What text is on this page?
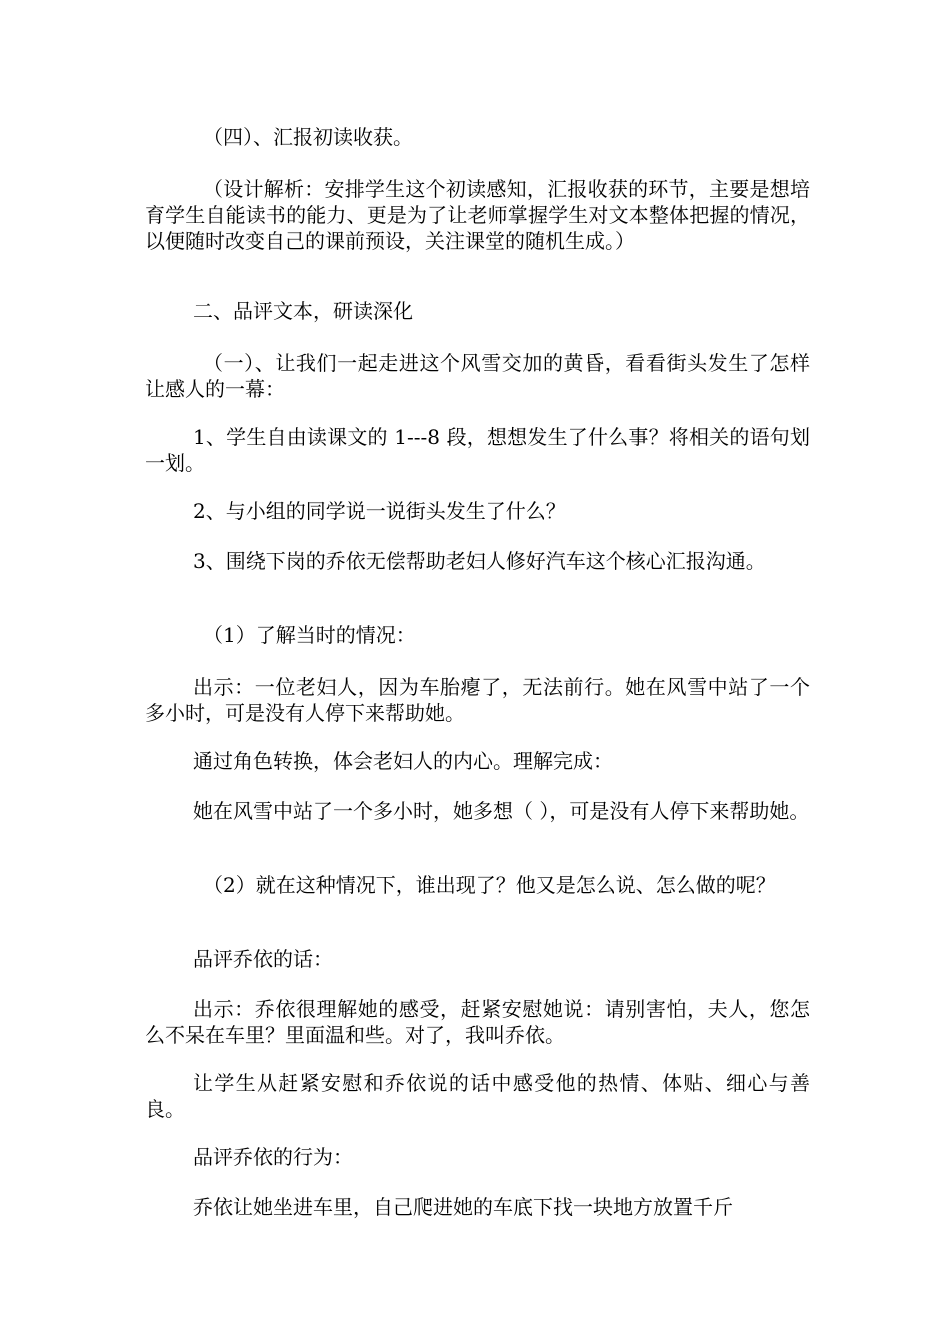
（四）、汇报初读收获。

（设计解析：安排学生这个初读感知，汇报收获的环节，主要是想培育学生自能读书的能力、更是为了让老师掌握学生对文本整体把握的情况，以便随时改变自己的课前预设，关注课堂的随机生成。）

二、品评文本，研读深化

（一）、让我们一起走进这个风雪交加的黄昏，看看街头发生了怎样让感人的一幕：

1、学生自由读课文的 1---8 段，想想发生了什么事？将相关的语句划一划。

2、与小组的同学说一说街头发生了什么？

3、围绕下岗的乔依无偿帮助老妇人修好汽车这个核心汇报沟通。

（1）了解当时的情况：

出示：一位老妇人，因为车胎瘪了，无法前行。她在风雪中站了一个多小时，可是没有人停下来帮助她。

通过角色转换，体会老妇人的内心。理解完成：

她在风雪中站了一个多小时，她多想（ ），可是没有人停下来帮助她。

（2）就在这种情况下，谁出现了？他又是怎么说、怎么做的呢？

品评乔依的话：

出示：乔依很理解她的感受，赶紧安慰她说：请别害怕，夫人，您怎么不呆在车里？里面温和些。对了，我叫乔依。

让学生从赶紧安慰和乔依说的话中感受他的热情、体贴、细心与善良。

品评乔依的行为：

乔依让她坐进车里，自己爬进她的车底下找一块地方放置千斤
